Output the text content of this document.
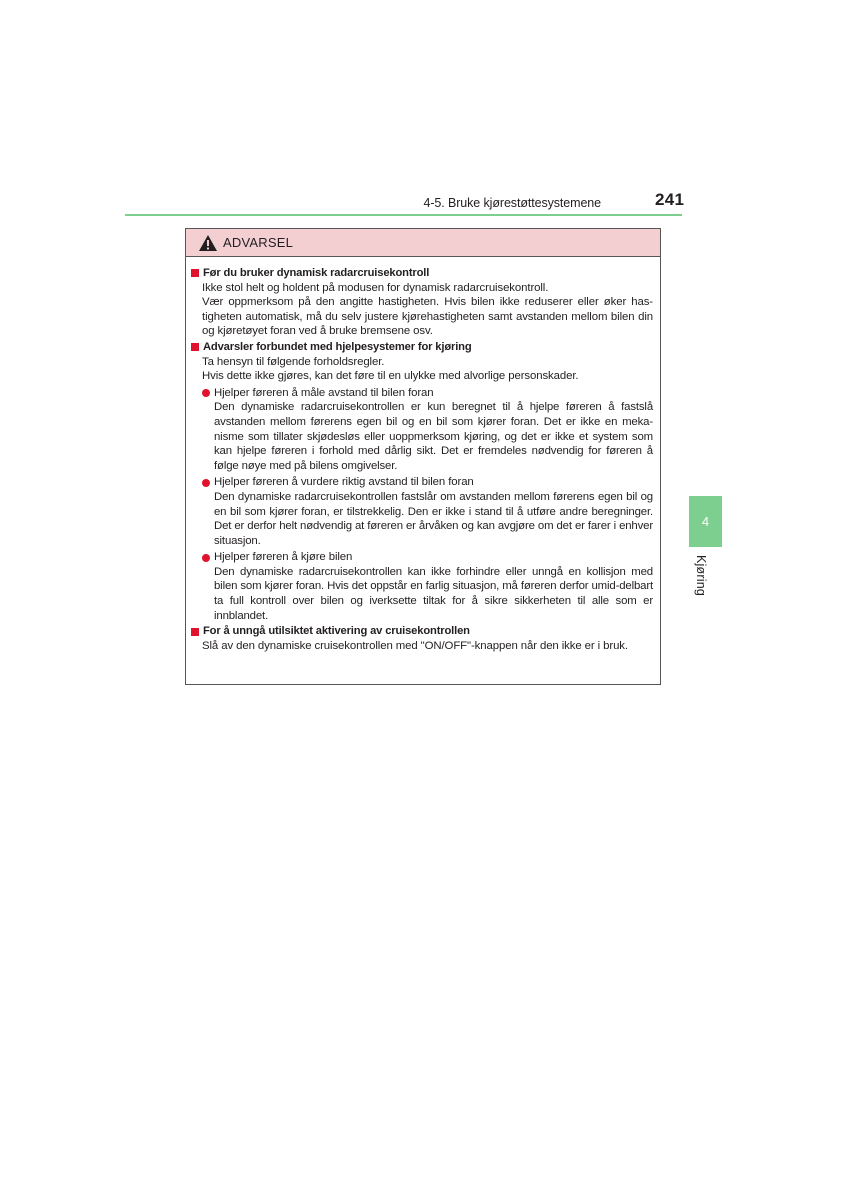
4-5. Bruke kjørestøttesystemene	241
ADVARSEL
Før du bruker dynamisk radarcruisekontroll
Ikke stol helt og holdent på modusen for dynamisk radarcruisekontroll.
Vær oppmerksom på den angitte hastigheten. Hvis bilen ikke reduserer eller øker has-tigheten automatisk, må du selv justere kjørehastigheten samt avstanden mellom bilen din og kjøretøyet foran ved å bruke bremsene osv.
Advarsler forbundet med hjelpesystemer for kjøring
Ta hensyn til følgende forholdsregler.
Hvis dette ikke gjøres, kan det føre til en ulykke med alvorlige personskader.
Hjelper føreren å måle avstand til bilen foran
Den dynamiske radarcruisekontrollen er kun beregnet til å hjelpe føreren å fastslå avstanden mellom førerens egen bil og en bil som kjører foran. Det er ikke en meka-nisme som tillater skjødesløs eller uoppmerksom kjøring, og det er ikke et system som kan hjelpe føreren i forhold med dårlig sikt. Det er fremdeles nødvendig for føreren å følge nøye med på bilens omgivelser.
Hjelper føreren å vurdere riktig avstand til bilen foran
Den dynamiske radarcruisekontrollen fastslår om avstanden mellom førerens egen bil og en bil som kjører foran, er tilstrekkelig. Den er ikke i stand til å utføre andre beregninger. Det er derfor helt nødvendig at føreren er årvåken og kan avgjøre om det er farer i enhver situasjon.
Hjelper føreren å kjøre bilen
Den dynamiske radarcruisekontrollen kan ikke forhindre eller unngå en kollisjon med bilen som kjører foran. Hvis det oppstår en farlig situasjon, må føreren derfor umid-delbart ta full kontroll over bilen og iverksette tiltak for å sikre sikkerheten til alle som er innblandet.
For å unngå utilsiktet aktivering av cruisekontrollen
Slå av den dynamiske cruisekontrollen med "ON/OFF"-knappen når den ikke er i bruk.
4
Kjøring
